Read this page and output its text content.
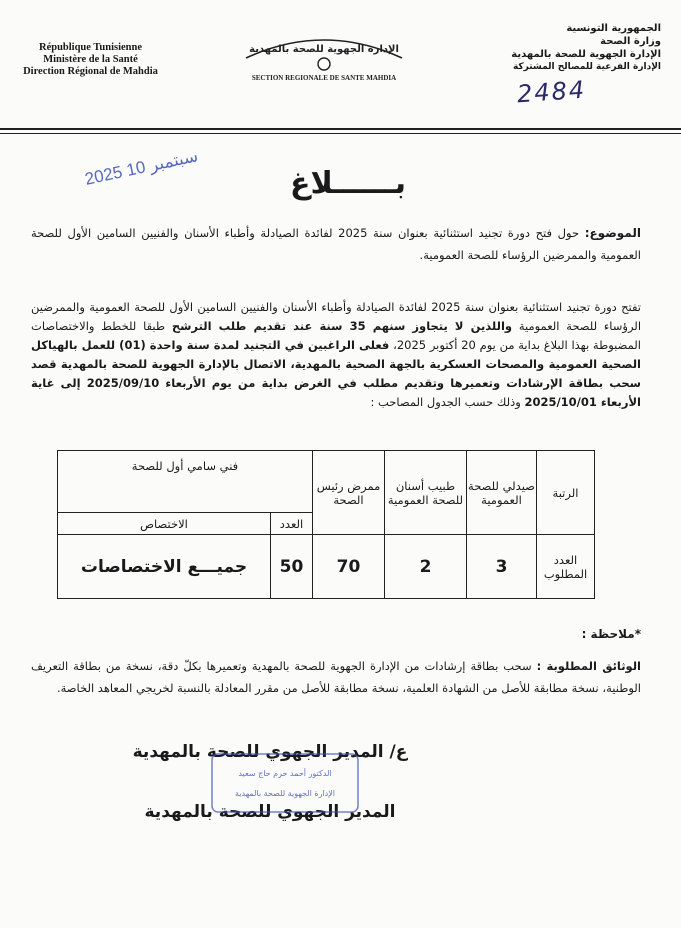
République Tunisienne
Ministère de la Santé
Direction Régional de Mahdia
الإدارة الجهوية للصحة بالمهدية
SECTION REGIONALE DE SANTE MAHDIA
الجمهورية التونسية
وزارة الصحة
الإدارة الجهوية للصحة بالمهدية
الإدارة الفرعية للمصالح المشتركة
2484
2025 سبتمبر 10
بــــــلاغ
الموضوع: حول فتح دورة تجنيد استثنائية بعنوان سنة 2025 لفائدة الصيادلة وأطباء الأسنان والفنيين السامين الأول للصحة العمومية والممرضين الرؤساء للصحة العمومية.
تفتح دورة تجنيد استثنائية بعنوان سنة 2025 لفائدة الصيادلة وأطباء الأسنان والفنيين السامين الأول للصحة العمومية والممرضين الرؤساء للصحة العمومية واللذين لا يتجاوز سنهم 35 سنة عند تقديم طلب الترشح طبقا للخطط والاختصاصات المضبوطة بهذا البلاغ بداية من يوم 20 أكتوبر 2025، فعلى الراغبين في التجنيد لمدة سنة واحدة (01) للعمل بالهياكل الصحية العمومية والمصحات العسكرية بالجهة الصحية بالمهدية، الاتصال بالإدارة الجهوية للصحة بالمهدية قصد سحب بطاقة الإرشادات وتعميرها وتقديم مطلب في الغرض بداية من يوم الأربعاء 2025/09/10 إلى غاية الأربعاء 2025/10/01 وذلك حسب الجدول المصاحب :
الرتبة	صيدلي للصحة العمومية	طبيب أسنان للصحة العمومية	ممرض رئيس الصحة	فني سامي أول للصحة	
				العدد	الاختصاص
العدد المطلوب	3	2	70	50	جميـــع الاختصاصات
*ملاحظة :
الوثائق المطلوبة : سحب بطاقة إرشادات من الإدارة الجهوية للصحة بالمهدية وتعميرها بكلّ دقة، نسخة من بطاقة التعريف الوطنية، نسخة مطابقة للأصل من الشهادة العلمية، نسخة مطابقة للأصل من مقرر المعادلة بالنسبة لخريجي المعاهد الخاصة.
ع/ المدير الجهوي للصحة بالمهدية
المدير الجهوي للصحة بالمهدية
الدكتور أحمد حرم حاج سعيد
الإدارة الجهوية للصحة بالمهدية
